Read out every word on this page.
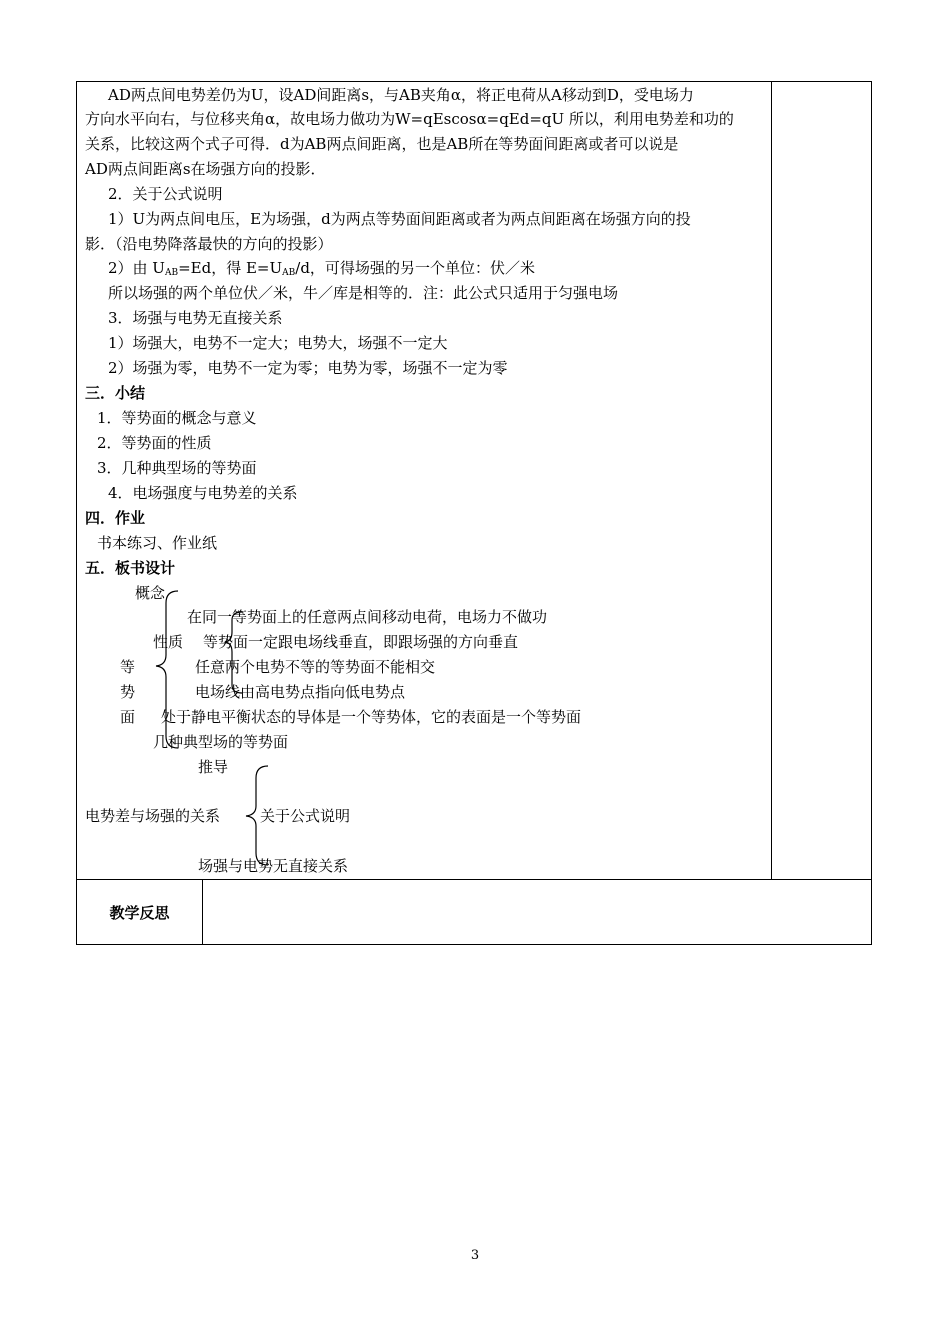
AD两点间电势差仍为U，设AD间距离s，与AB夹角α，将正电荷从A移动到D，受电场力
方向水平向右，与位移夹角α，故电场力做功为W=qEscosα=qEd=qU 所以，利用电势差和功的
关系，比较这两个式子可得．d为AB两点间距离，也是AB所在等势面间距离或者可以说是
AD两点间距离s在场强方向的投影．
2．关于公式说明
1）U为两点间电压，E为场强，d为两点等势面间距离或者为两点间距离在场强方向的投
影．（沿电势降落最快的方向的投影）
2）由 $U_{AB}=Ed$，得 $E=U_{AB}/d$，可得场强的另一个单位：伏／米
所以场强的两个单位伏／米，牛／库是相等的．注：此公式只适用于匀强电场
3．场强与电势无直接关系
1）场强大，电势不一定大；电势大，场强不一定大
2）场强为零，电势不一定为零；电势为零，场强不一定为零
三．小结
1．等势面的概念与意义
2．等势面的性质
3．几种典型场的等势面
4．电场强度与电势差的关系
四．作业
书本练习、作业纸
五．板书设计
概念
在同一等势面上的任意两点间移动电荷，电场力不做功
性质 等势面一定跟电场线垂直，即跟场强的方向垂直
等	任意两个电势不等的等势面不能相交
势	电场线由高电势点指向低电势点
面 处于静电平衡状态的导体是一个等势体，它的表面是一个等势面
几种典型场的等势面
推导
电势差与场强的关系	关于公式说明
场强与电势无直接关系
教学反思
3
